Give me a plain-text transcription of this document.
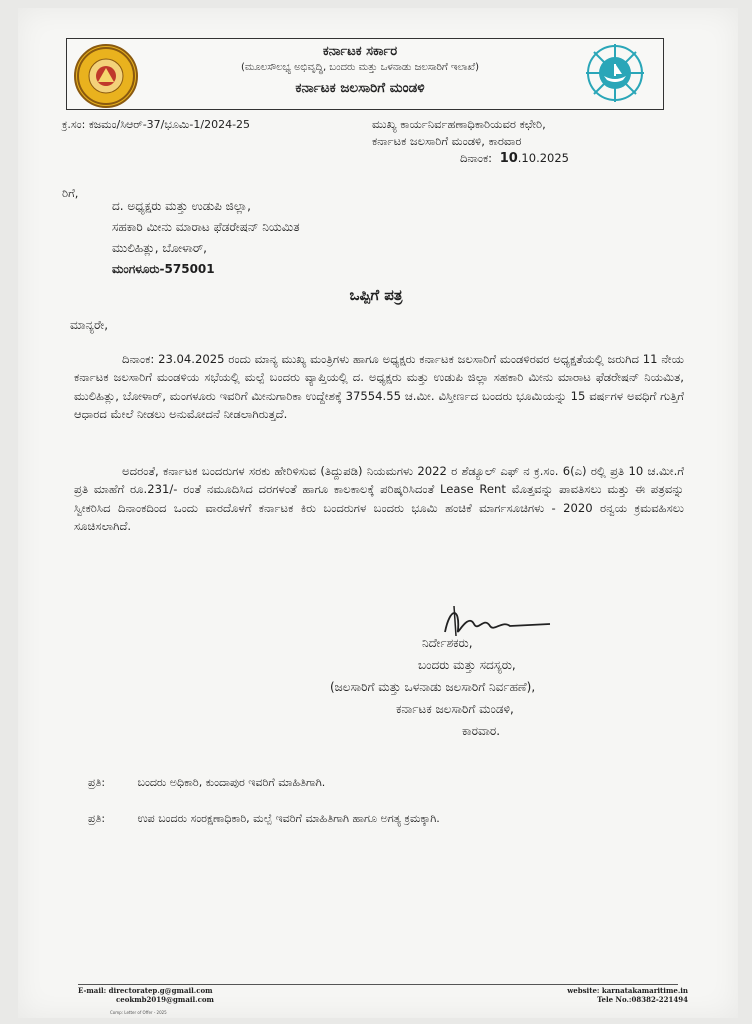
ಕರ್ನಾಟಕ ಸರ್ಕಾರ
(ಮೂಲಸೌಲಭ್ಯ ಅಭಿವೃದ್ಧಿ, ಬಂದರು ಮತ್ತು ಒಳನಾಡು ಜಲಸಾರಿಗೆ ಇಲಾಖೆ)
ಕರ್ನಾಟಕ ಜಲಸಾರಿಗೆ ಮಂಡಳಿ
ಕ್ರ.ಸಂ: ಕಜಮಂ/ಸಿಆರ್-37/ಭೂಮಿ-1/2024-25	ಮುಖ್ಯ ಕಾರ್ಯನಿರ್ವಹಣಾಧಿಕಾರಿಯವರ ಕಛೇರಿ,
ಕರ್ನಾಟಕ ಜಲಸಾರಿಗೆ ಮಂಡಳಿ, ಕಾರವಾರ
ದಿನಾಂಕ: 10.10.2025
ರಿಗೆ,
ದ. ಅಧ್ಯಕ್ಷರು ಮತ್ತು ಉಡುಪಿ ಜಿಲ್ಲಾ,
ಸಹಕಾರಿ ಮೀನು ಮಾರಾಟ ಫೆಡರೇಷನ್ ನಿಯಮಿತ
ಮುಲಿಹಿತ್ಲು, ಬೋಳಾರ್,
ಮಂಗಳೂರು-575001
ಒಪ್ಪಿಗೆ ಪತ್ರ
ಮಾನ್ಯರೇ,
ದಿನಾಂಕ: 23.04.2025 ರಂದು ಮಾನ್ಯ ಮುಖ್ಯ ಮಂತ್ರಿಗಳು ಹಾಗೂ ಅಧ್ಯಕ್ಷರು ಕರ್ನಾಟಕ ಜಲಸಾರಿಗೆ ಮಂಡಳಿರವರ ಅಧ್ಯಕ್ಷತೆಯಲ್ಲಿ ಜರುಗಿದ 11 ನೇಯ ಕರ್ನಾಟಕ ಜಲಸಾರಿಗೆ ಮಂಡಳಿಯ ಸಭೆಯಲ್ಲಿ ಮಲ್ಪೆ ಬಂದರು ವ್ಯಾಪ್ತಿಯಲ್ಲಿ ದ. ಅಧ್ಯಕ್ಷರು ಮತ್ತು ಉಡುಪಿ ಜಿಲ್ಲಾ ಸಹಕಾರಿ ಮೀನು ಮಾರಾಟ ಫೆಡರೇಷನ್ ನಿಯಮಿತ, ಮುಲಿಹಿತ್ಲು, ಬೋಳಾರ್, ಮಂಗಳೂರು ಇವರಿಗೆ ಮೀನುಗಾರಿಕಾ ಉದ್ದೇಶಕ್ಕೆ 37554.55 ಚ.ಮೀ. ವಿಸ್ತೀರ್ಣದ ಬಂದರು ಭೂಮಿಯನ್ನು 15 ವರ್ಷಗಳ ಅವಧಿಗೆ ಗುತ್ತಿಗೆ ಆಧಾರದ ಮೇಲೆ ನೀಡಲು ಅನುಮೋದನೆ ನೀಡಲಾಗಿರುತ್ತದೆ.
ಅದರಂತೆ, ಕರ್ನಾಟಕ ಬಂದರುಗಳ ಸರಕು ಹೇರಿಳಿಸುವ (ತಿದ್ದುಪಡಿ) ನಿಯಮಗಳು 2022 ರ ಶೆಡ್ಯೂಲ್ ಎಫ್ ನ ಕ್ರ.ಸಂ. 6(ಎ) ರಲ್ಲಿ ಪ್ರತಿ 10 ಚ.ಮೀ.ಗೆ ಪ್ರತಿ ಮಾಹೆಗೆ ರೂ.231/- ರಂತೆ ನಮೂದಿಸಿದ ದರಗಳಂತೆ ಹಾಗೂ ಕಾಲಕಾಲಕ್ಕೆ ಪರಿಷ್ಕರಿಸಿದಂತೆ Lease Rent ಮೊತ್ತವನ್ನು ಪಾವತಿಸಲು ಮತ್ತು ಈ ಪತ್ರವನ್ನು ಸ್ವೀಕರಿಸಿದ ದಿನಾಂಕದಿಂದ ಒಂದು ವಾರದೊಳಗೆ ಕರ್ನಾಟಕ ಕಿರು ಬಂದರುಗಳ ಬಂದರು ಭೂಮಿ ಹಂಚಿಕೆ ಮಾರ್ಗಸೂಚಿಗಳು - 2020 ರನ್ವಯ ಕ್ರಮವಹಿಸಲು ಸೂಚಿಸಲಾಗಿದೆ.
ನಿರ್ದೇಶಕರು,
ಬಂದರು ಮತ್ತು ಸದಸ್ಯರು,
(ಜಲಸಾರಿಗೆ ಮತ್ತು ಒಳನಾಡು ಜಲಸಾರಿಗೆ ನಿರ್ವಹಣೆ),
ಕರ್ನಾಟಕ ಜಲಸಾರಿಗೆ ಮಂಡಳಿ,
ಕಾರವಾರ.
ಪ್ರತಿ:	ಬಂದರು ಅಧಿಕಾರಿ, ಕುಂದಾಪುರ ಇವರಿಗೆ ಮಾಹಿತಿಗಾಗಿ.
ಪ್ರತಿ:	ಉಪ ಬಂದರು ಸಂರಕ್ಷಣಾಧಿಕಾರಿ, ಮಲ್ಪೆ ಇವರಿಗೆ ಮಾಹಿತಿಗಾಗಿ ಹಾಗೂ ಅಗತ್ಯ ಕ್ರಮಕ್ಕಾಗಿ.
E-mail: directoratep.g@gmail.com
ceokmb2019@gmail.com
website: karnatakamaritime.in
Tele No.:08382-221494
Comp: Letter of Offer - 2025
